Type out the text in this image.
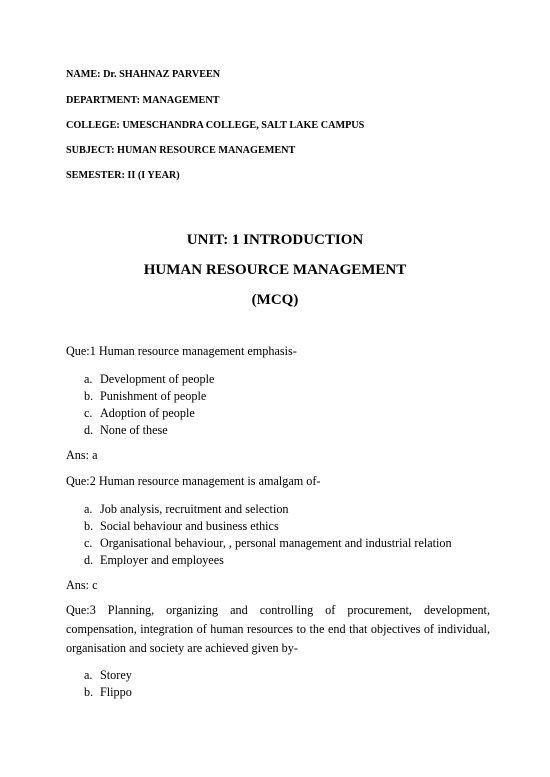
NAME: Dr. SHAHNAZ PARVEEN
DEPARTMENT: MANAGEMENT
COLLEGE: UMESCHANDRA COLLEGE, SALT LAKE CAMPUS
SUBJECT: HUMAN RESOURCE MANAGEMENT
SEMESTER: II (I YEAR)
UNIT: 1 INTRODUCTION
HUMAN RESOURCE MANAGEMENT
(MCQ)
Que:1 Human resource management emphasis-
a. Development of people
b. Punishment of people
c. Adoption of people
d. None of these
Ans: a
Que:2 Human resource management is amalgam of-
a. Job analysis, recruitment and selection
b. Social behaviour and business ethics
c. Organisational behaviour, , personal management and industrial relation
d. Employer and employees
Ans: c
Que:3 Planning, organizing and controlling of procurement, development, compensation, integration of human resources to the end that objectives of individual, organisation and society are achieved given by-
a. Storey
b. Flippo
